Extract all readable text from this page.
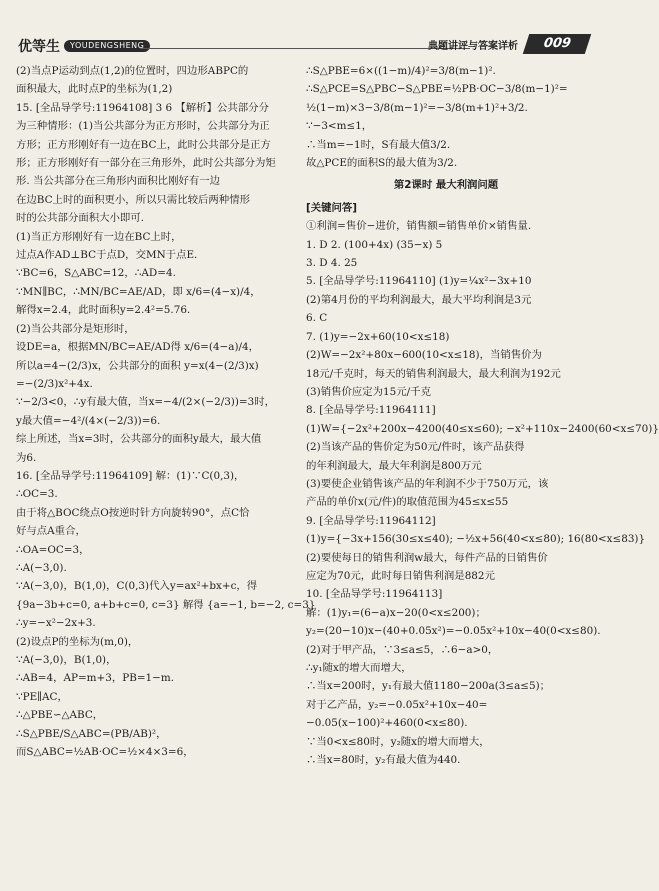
优等生	YOUDENGSHENG	典题讲评与答案详析	009
(2)当点P运动到点(1,2)的位置时，四边形ABPC的
面积最大，此时点P的坐标为(1,2)
15. [全品导学号:11964108] 3 6 【解析】公共部分分
为三种情形：(1)当公共部分为正方形时，公共部分为正
方形；正方形刚好有一边在BC上，此时公共部分是正方
形；正方形刚好有一部分在三角形外，此时公共部分为矩
形. 当公共部分在三角形内面积比刚好有一边
在边BC上时的面积更小，所以只需比较后两种情形
时的公共部分面积大小即可.
(1)当正方形刚好有一边在BC上时，
过点A作AD⊥BC于点D，交MN于点E.
∵BC=6，S△ABC=12，∴AD=4.
∵MN∥BC，∴MN/BC=AE/AD，即 x/6=(4−x)/4，
解得x=2.4，此时面积y=2.4²=5.76.
(2)当公共部分是矩形时，
设DE=a，根据MN/BC=AE/AD得 x/6=(4−a)/4，
所以a=4−(2/3)x，公共部分的面积 y=x(4−(2/3)x)
=−(2/3)x²+4x.
∵−2/3<0，∴y有最大值，当x=−4/(2×(−2/3))=3时，
y最大值=−4²/(4×(−2/3))=6.
综上所述，当x=3时，公共部分的面积y最大，最大值
为6.
16. [全品导学号:11964109] 解：(1)∵C(0,3)，
∴OC=3.
由于将△BOC绕点O按逆时针方向旋转90°，点C恰
好与点A重合，
∴OA=OC=3，
∴A(−3,0).
∵A(−3,0)，B(1,0)，C(0,3)代入y=ax²+bx+c，得
{9a−3b+c=0, a+b+c=0, c=3} 解得 {a=−1, b=−2, c=3}
∴y=−x²−2x+3.
(2)设点P的坐标为(m,0)，
∵A(−3,0)，B(1,0)，
∴AB=4，AP=m+3，PB=1−m.
∵PE∥AC，
∴△PBE∽△ABC，
∴S△PBE/S△ABC=(PB/AB)²，
而S△ABC=½AB·OC=½×4×3=6，
∴S△PBE=6×((1−m)/4)²=3/8(m−1)².
∴S△PCE=S△PBC−S△PBE=½PB·OC−3/8(m−1)²=
½(1−m)×3−3/8(m−1)²=−3/8(m+1)²+3/2.
∵−3<m≤1，
∴当m=−1时，S有最大值3/2.
故△PCE的面积S的最大值为3/2.
第2课时 最大利润问题
[关键问答]
①利润=售价−进价，销售额=销售单价×销售量.
1. D 2. (100+4x) (35−x) 5
3. D 4. 25
5. [全品导学号:11964110] (1)y=¼x²−3x+10
(2)第4月份的平均利润最大，最大平均利润是3元
6. C
7. (1)y=−2x+60(10<x≤18)
(2)W=−2x²+80x−600(10<x≤18)，当销售价为
18元/千克时，每天的销售利润最大，最大利润为192元
(3)销售价应定为15元/千克
8. [全品导学号:11964111]
(1)W={−2x²+200x−4200(40≤x≤60); −x²+110x−2400(60<x≤70)}
(2)当该产品的售价定为50元/件时，该产品获得
的年利润最大，最大年利润是800万元
(3)要使企业销售该产品的年利润不少于750万元，该
产品的单价x(元/件)的取值范围为45≤x≤55
9. [全品导学号:11964112]
(1)y={−3x+156(30≤x≤40); −½x+56(40<x≤80); 16(80<x≤83)}
(2)要使每日的销售利润w最大，每件产品的日销售价
应定为70元，此时每日销售利润是882元
10. [全品导学号:11964113]
解：(1)y₁=(6−a)x−20(0<x≤200)；
y₂=(20−10)x−(40+0.05x²)=−0.05x²+10x−40(0<x≤80).
(2)对于甲产品，∵3≤a≤5，∴6−a>0，
∴y₁随x的增大而增大，
∴当x=200时，y₁有最大值1180−200a(3≤a≤5)；
对于乙产品，y₂=−0.05x²+10x−40=
−0.05(x−100)²+460(0<x≤80).
∵当0<x≤80时，y₂随x的增大而增大，
∴当x=80时，y₂有最大值为440.
